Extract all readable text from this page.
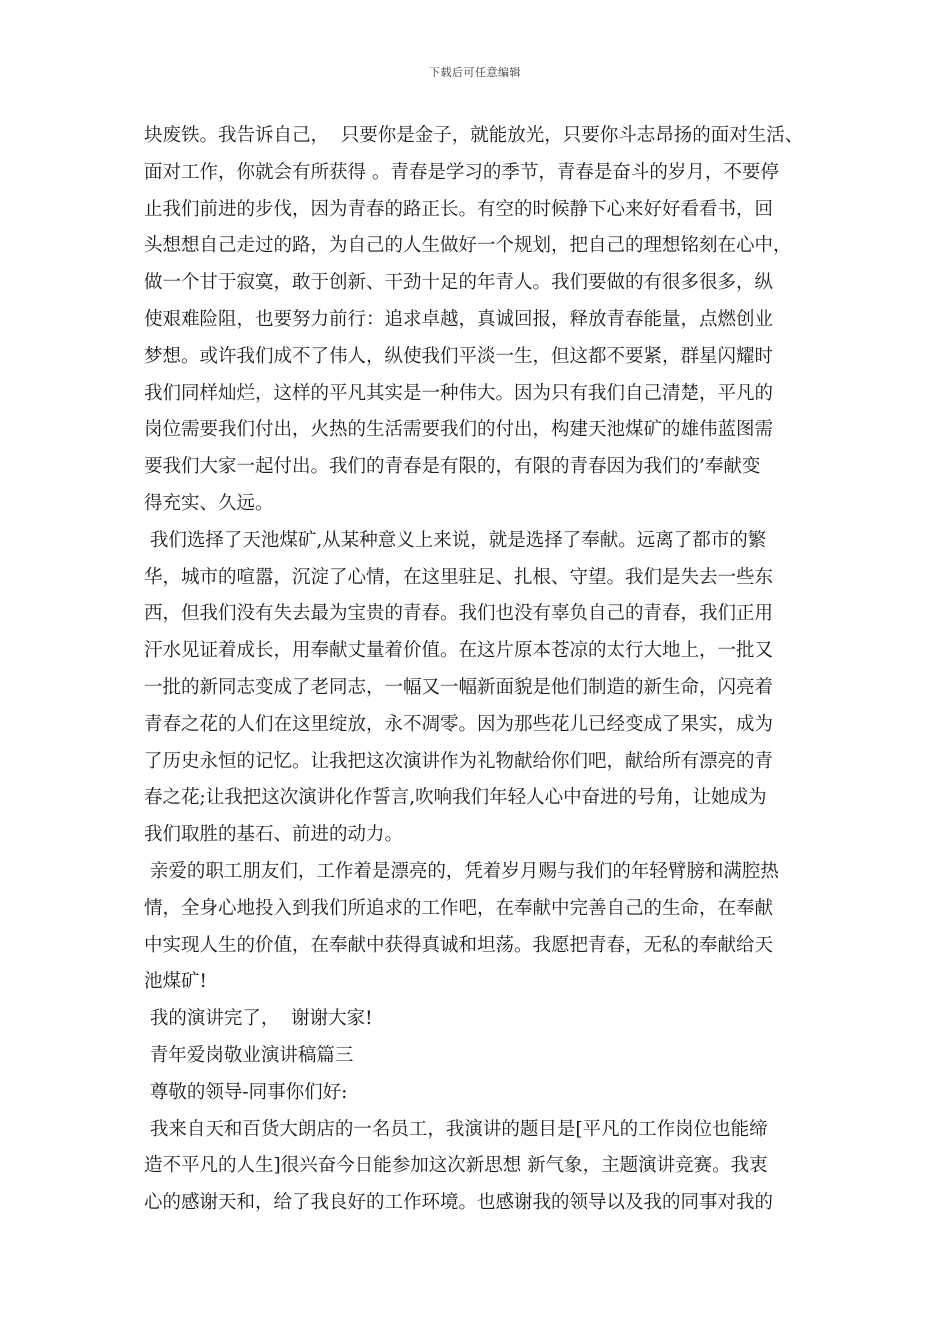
下载后可任意编辑
块废铁。我告诉自己，  只要你是金子，就能放光，只要你斗志昂扬的面对生活、
面对工作，你就会有所获得 。青春是学习的季节，青春是奋斗的岁月，不要停
止我们前进的步伐，因为青春的路正长。有空的时候静下心来好好看看书，回
头想想自己走过的路，为自己的人生做好一个规划，把自己的理想铭刻在心中，
做一个甘于寂寞，敢于创新、干劲十足的年青人。我们要做的有很多很多，纵
使艰难险阻，也要努力前行：追求卓越，真诚回报，释放青春能量，点燃创业
梦想。或许我们成不了伟人，纵使我们平淡一生，但这都不要紧，群星闪耀时
我们同样灿烂，这样的平凡其实是一种伟大。因为只有我们自己清楚，平凡的
岗位需要我们付出，火热的生活需要我们的付出，构建天池煤矿的雄伟蓝图需
要我们大家一起付出。我们的青春是有限的，有限的青春因为我们的’奉献变
得充实、久远。
我们选择了天池煤矿,从某种意义上来说，就是选择了奉献。远离了都市的繁
华，城市的喧嚣，沉淀了心情，在这里驻足、扎根、守望。我们是失去一些东
西，但我们没有失去最为宝贵的青春。我们也没有辜负自己的青春，我们正用
汗水见证着成长，用奉献丈量着价值。在这片原本苍凉的太行大地上，一批又
一批的新同志变成了老同志，一幅又一幅新面貌是他们制造的新生命，闪亮着
青春之花的人们在这里绽放，永不凋零。因为那些花儿已经变成了果实，成为
了历史永恒的记忆。让我把这次演讲作为礼物献给你们吧，献给所有漂亮的青
春之花;让我把这次演讲化作誓言,吹响我们年轻人心中奋进的号角，让她成为
我们取胜的基石、前进的动力。
亲爱的职工朋友们，工作着是漂亮的，凭着岁月赐与我们的年轻臂膀和满腔热
情，全身心地投入到我们所追求的工作吧，在奉献中完善自己的生命，在奉献
中实现人生的价值，在奉献中获得真诚和坦荡。我愿把青春，无私的奉献给天
池煤矿!
我的演讲完了，  谢谢大家!
青年爱岗敬业演讲稿篇三
尊敬的领导-同事你们好:
我来自天和百货大朗店的一名员工，我演讲的题目是[平凡的工作岗位也能缔
造不平凡的人生]很兴奋今日能参加这次新思想 新气象，主题演讲竞赛。我衷
心的感谢天和，给了我良好的工作环境。也感谢我的领导以及我的同事对我的
